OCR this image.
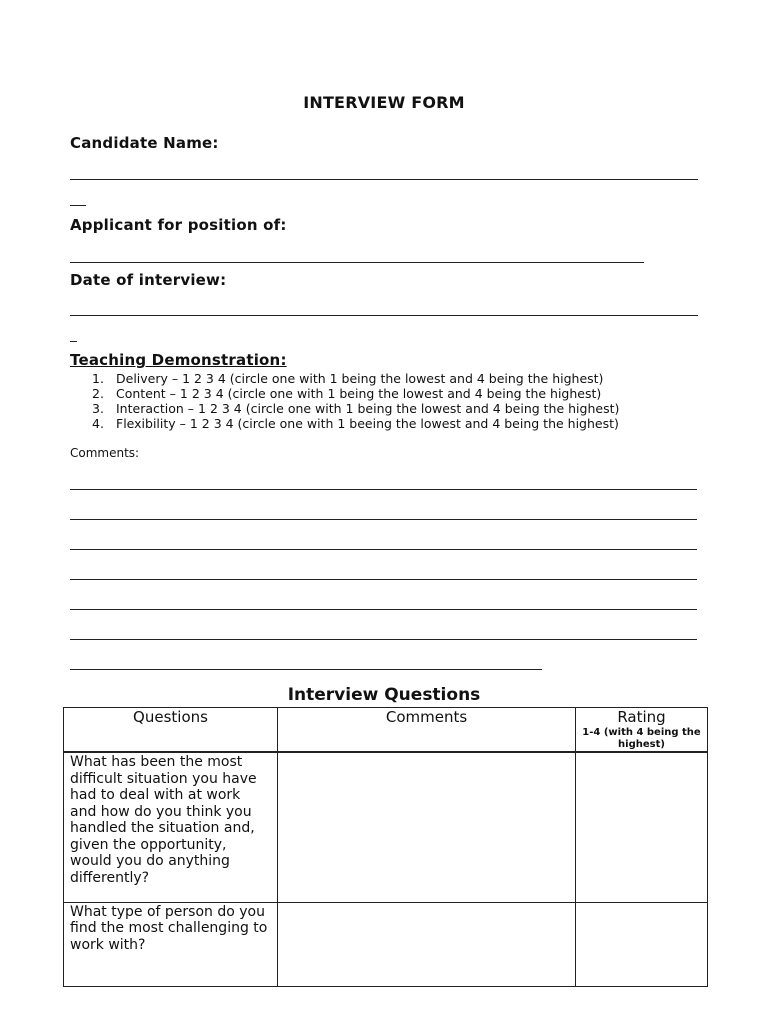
INTERVIEW FORM
Candidate Name:
Applicant for position of:
Date of interview:
Teaching Demonstration:
1. Delivery – 1 2 3 4 (circle one with 1 being the lowest and 4 being the highest)
2. Content – 1 2 3 4 (circle one with 1 being the lowest and 4 being the highest)
3. Interaction – 1 2 3 4 (circle one with 1 being the lowest and 4 being the highest)
4. Flexibility – 1 2 3 4 (circle one with 1 beeing the lowest and 4 being the highest)
Comments:
Interview Questions
Questions	Comments	Rating
1-4 (with 4 being the highest)

What has been the most difficult situation you have had to deal with at work and how do you think you handled the situation and, given the opportunity, would you do anything differently?		

What type of person do you find the most challenging to work with?		
